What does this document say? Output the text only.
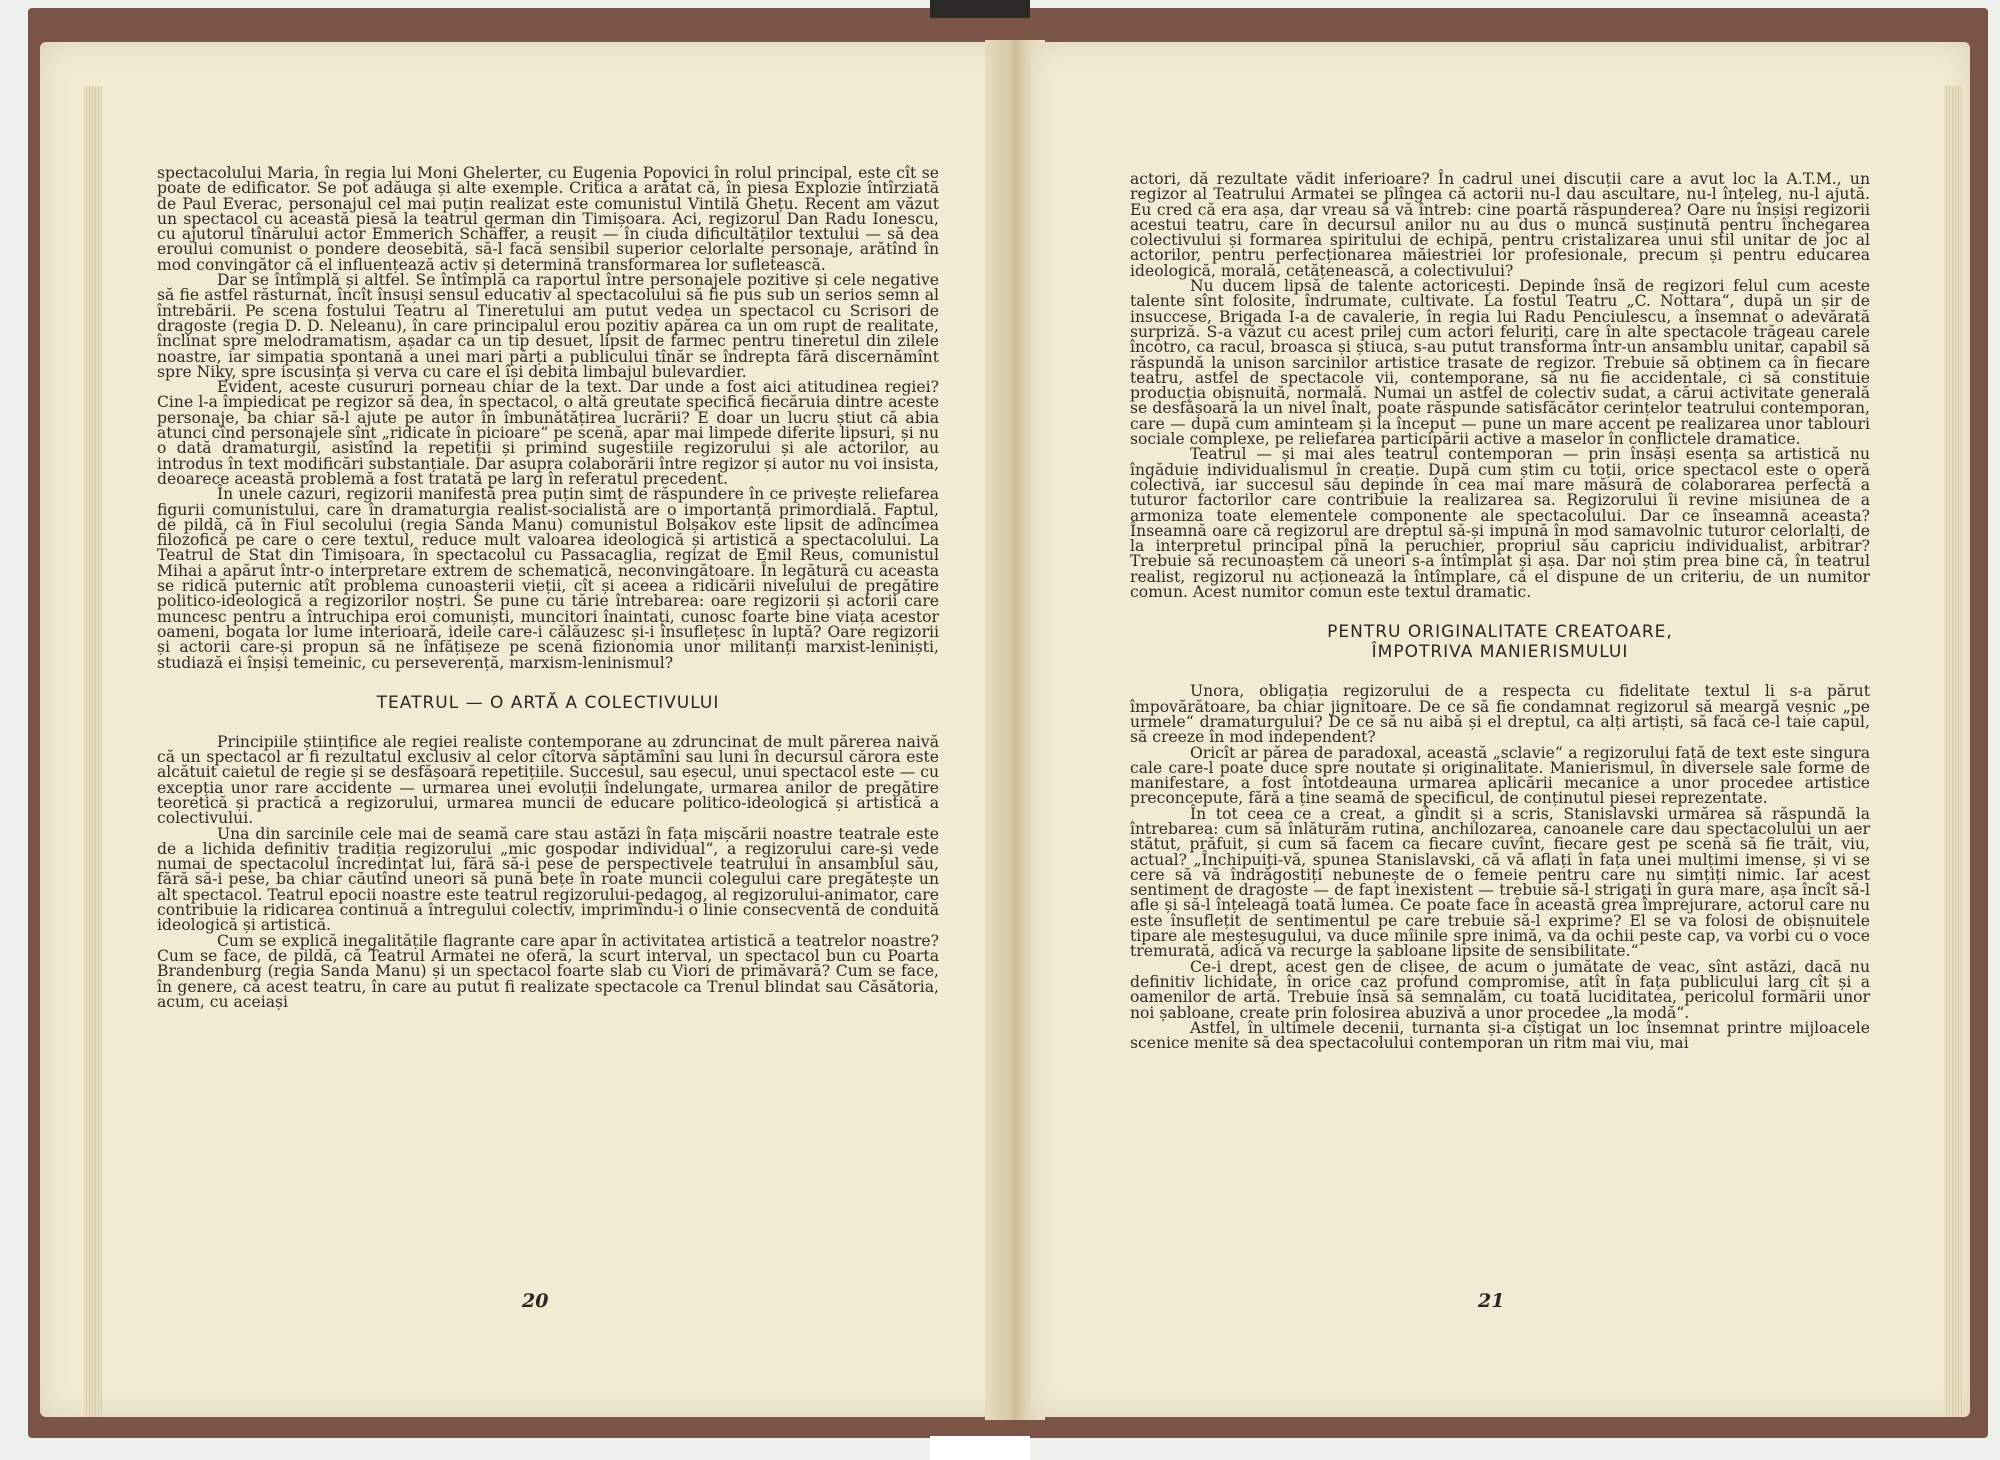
spectacolului Maria, în regia lui Moni Ghelerter, cu Eugenia Popovici în rolul principal, este cît se poate de edificator. Se pot adăuga și alte exemple. Critica a arătat că, în piesa Explozie întîrziată de Paul Everac, personajul cel mai puțin realizat este comunistul Vintilă Ghețu. Recent am văzut un spectacol cu această piesă la teatrul german din Timișoara. Aci, regizorul Dan Radu Ionescu, cu ajutorul tînărului actor Emmerich Schäffer, a reușit — în ciuda dificultăților textului — să dea eroului comunist o pondere deosebită, să-l facă sensibil superior celorlalte personaje, arătînd în mod convingător că el influențează activ și determină transformarea lor sufletească.

Dar se întîmplă și altfel. Se întîmplă ca raportul între personajele pozitive și cele negative să fie astfel răsturnat, încît însuși sensul educativ al spectacolului să fie pus sub un serios semn al întrebării. Pe scena fostului Teatru al Tineretului am putut vedea un spectacol cu Scrisori de dragoste (regia D. D. Neleanu), în care principalul erou pozitiv apărea ca un om rupt de realitate, înclinat spre melodramatism, așadar ca un tip desuet, lipsit de farmec pentru tineretul din zilele noastre, iar simpatia spontană a unei mari părți a publicului tînăr se îndrepta fără discernămînt spre Niky, spre iscusința și verva cu care el își debita limbajul bulevardier.

Evident, aceste cusururi porneau chiar de la text. Dar unde a fost aici atitudinea regiei? Cine l-a împiedicat pe regizor să dea, în spectacol, o altă greutate specifică fiecăruia dintre aceste personaje, ba chiar să-l ajute pe autor în îmbunătățirea lucrării? E doar un lucru știut că abia atunci cînd personajele sînt „ridicate în picioare“ pe scenă, apar mai limpede diferite lipsuri, și nu o dată dramaturgii, asistînd la repetiții și primind sugestiile regizorului și ale actorilor, au introdus în text modificări substanțiale. Dar asupra colaborării între regizor și autor nu voi insista, deoarece această problemă a fost tratată pe larg în referatul precedent.

În unele cazuri, regizorii manifestă prea puțin simț de răspundere în ce privește reliefarea figurii comunistului, care în dramaturgia realist-socialistă are o importanță primordială. Faptul, de pildă, că în Fiul secolului (regia Sanda Manu) comunistul Bolșakov este lipsit de adîncimea filozofică pe care o cere textul, reduce mult valoarea ideologică și artistică a spectacolului. La Teatrul de Stat din Timișoara, în spectacolul cu Passacaglia, regizat de Emil Reus, comunistul Mihai a apărut într-o interpretare extrem de schematică, neconvingătoare. În legătură cu aceasta se ridică puternic atît problema cunoașterii vieții, cît și aceea a ridicării nivelului de pregătire politico-ideologică a regizorilor noștri. Se pune cu tărie întrebarea: oare regizorii și actorii care muncesc pentru a întruchipa eroi comuniști, muncitori înaintați, cunosc foarte bine viața acestor oameni, bogata lor lume interioară, ideile care-i călăuzesc și-i însuflețesc în luptă? Oare regizorii și actorii care-și propun să ne înfățișeze pe scenă fizionomia unor militanți marxist-leniniști, studiază ei înșiși temeinic, cu perseverență, marxism-leninismul?

TEATRUL — O ARTĂ A COLECTIVULUI

Principiile științifice ale regiei realiste contemporane au zdruncinat de mult părerea naivă că un spectacol ar fi rezultatul exclusiv al celor cîtorva săptămîni sau luni în decursul cărora este alcătuit caietul de regie și se desfășoară repetițiile. Succesul, sau eșecul, unui spectacol este — cu excepția unor rare accidente — urmarea unei evoluții îndelungate, urmarea anilor de pregătire teoretică și practică a regizorului, urmarea muncii de educare politico-ideologică și artistică a colectivului.

Una din sarcinile cele mai de seamă care stau astăzi în fața mișcării noastre teatrale este de a lichida definitiv tradiția regizorului „mic gospodar individual“, a regizorului care-și vede numai de spectacolul încredințat lui, fără să-i pese de perspectivele teatrului în ansamblul său, fără să-i pese, ba chiar căutînd uneori să pună bețe în roate muncii colegului care pregătește un alt spectacol. Teatrul epocii noastre este teatrul regizorului-pedagog, al regizorului-animator, care contribuie la ridicarea continuă a întregului colectiv, imprimîndu-i o linie consecventă de conduită ideologică și artistică.

Cum se explică inegalitățile flagrante care apar în activitatea artistică a teatrelor noastre? Cum se face, de pildă, că Teatrul Armatei ne oferă, la scurt interval, un spectacol bun cu Poarta Brandenburg (regia Sanda Manu) și un spectacol foarte slab cu Viori de primăvară? Cum se face, în genere, că acest teatru, în care au putut fi realizate spectacole ca Trenul blindat sau Căsătoria, acum, cu aceiași

20

actori, dă rezultate vădit inferioare? În cadrul unei discuții care a avut loc la A.T.M., un regizor al Teatrului Armatei se plîngea că actorii nu-l dau ascultare, nu-l înțeleg, nu-l ajută. Eu cred că era așa, dar vreau să vă întreb: cine poartă răspunderea? Oare nu înșiși regizorii acestui teatru, care în decursul anilor nu au dus o muncă susținută pentru închegarea colectivului și formarea spiritului de echipă, pentru cristalizarea unui stil unitar de joc al actorilor, pentru perfecționarea măiestriei lor profesionale, precum și pentru educarea ideologică, morală, cetățenească, a colectivului?

Nu ducem lipsă de talente actoricești. Depinde însă de regizori felul cum aceste talente sînt folosite, îndrumate, cultivate. La fostul Teatru „C. Nottara“, după un șir de insuccese, Brigada I-a de cavalerie, în regia lui Radu Penciulescu, a însemnat o adevărată surpriză. S-a văzut cu acest prilej cum actori feluriți, care în alte spectacole trăgeau carele încotro, ca racul, broasca și știuca, s-au putut transforma într-un ansamblu unitar, capabil să răspundă la unison sarcinilor artistice trasate de regizor. Trebuie să obținem ca în fiecare teatru, astfel de spectacole vii, contemporane, să nu fie accidentale, ci să constituie producția obișnuită, normală. Numai un astfel de colectiv sudat, a cărui activitate generală se desfășoară la un nivel înalt, poate răspunde satisfăcător cerințelor teatrului contemporan, care — după cum aminteam și la început — pune un mare accent pe realizarea unor tablouri sociale complexe, pe reliefarea participării active a maselor în conflictele dramatice.

Teatrul — și mai ales teatrul contemporan — prin însăși esența sa artistică nu îngăduie individualismul în creație. După cum știm cu toții, orice spectacol este o operă colectivă, iar succesul său depinde în cea mai mare măsură de colaborarea perfectă a tuturor factorilor care contribuie la realizarea sa. Regizorului îi revine misiunea de a armoniza toate elementele componente ale spectacolului. Dar ce înseamnă aceasta? Înseamnă oare că regizorul are dreptul să-și impună în mod samavolnic tuturor celorlalți, de la interpretul principal pînă la peruchier, propriul său capriciu individualist, arbitrar? Trebuie să recunoaștem că uneori s-a întîmplat și așa. Dar noi știm prea bine că, în teatrul realist, regizorul nu acționează la întîmplare, că el dispune de un criteriu, de un numitor comun. Acest numitor comun este textul dramatic.

PENTRU ORIGINALITATE CREATOARE,
ÎMPOTRIVA MANIERISMULUI

Unora, obligația regizorului de a respecta cu fidelitate textul li s-a părut împovărătoare, ba chiar jignitoare. De ce să fie condamnat regizorul să meargă veșnic „pe urmele“ dramaturgului? De ce să nu aibă și el dreptul, ca alți artiști, să facă ce-l taie capul, să creeze în mod independent?

Oricît ar părea de paradoxal, această „sclavie“ a regizorului față de text este singura cale care-l poate duce spre noutate și originalitate. Manierismul, în diversele sale forme de manifestare, a fost întotdeauna urmarea aplicării mecanice a unor procedee artistice preconcepute, fără a ține seamă de specificul, de conținutul piesei reprezentate.

În tot ceea ce a creat, a gîndit și a scris, Stanislavski urmărea să răspundă la întrebarea: cum să înlăturăm rutina, anchilozarea, canoanele care dau spectacolului un aer stătut, prăfuit, și cum să facem ca fiecare cuvînt, fiecare gest pe scenă să fie trăit, viu, actual? „Închipuiți-vă, spunea Stanislavski, că vă aflați în fața unei mulțimi imense, și vi se cere să vă îndrăgostiți nebunește de o femeie pentru care nu simțiți nimic. Iar acest sentiment de dragoste — de fapt inexistent — trebuie să-l strigați în gura mare, așa încît să-l afle și să-l înțeleagă toată lumea. Ce poate face în această grea împrejurare, actorul care nu este însuflețit de sentimentul pe care trebuie să-l exprime? El se va folosi de obișnuitele tipare ale meșteșugului, va duce mîinile spre inimă, va da ochii peste cap, va vorbi cu o voce tremurată, adică va recurge la șabloane lipsite de sensibilitate.“

Ce-i drept, acest gen de clișee, de acum o jumătate de veac, sînt astăzi, dacă nu definitiv lichidate, în orice caz profund compromise, atît în fața publicului larg cît și a oamenilor de artă. Trebuie însă să semnalăm, cu toată luciditatea, pericolul formării unor noi șabloane, create prin folosirea abuzivă a unor procedee „la modă“.

Astfel, în ultimele decenii, turnanta și-a cîștigat un loc însemnat printre mijloacele scenice menite să dea spectacolului contemporan un ritm mai viu, mai

21
